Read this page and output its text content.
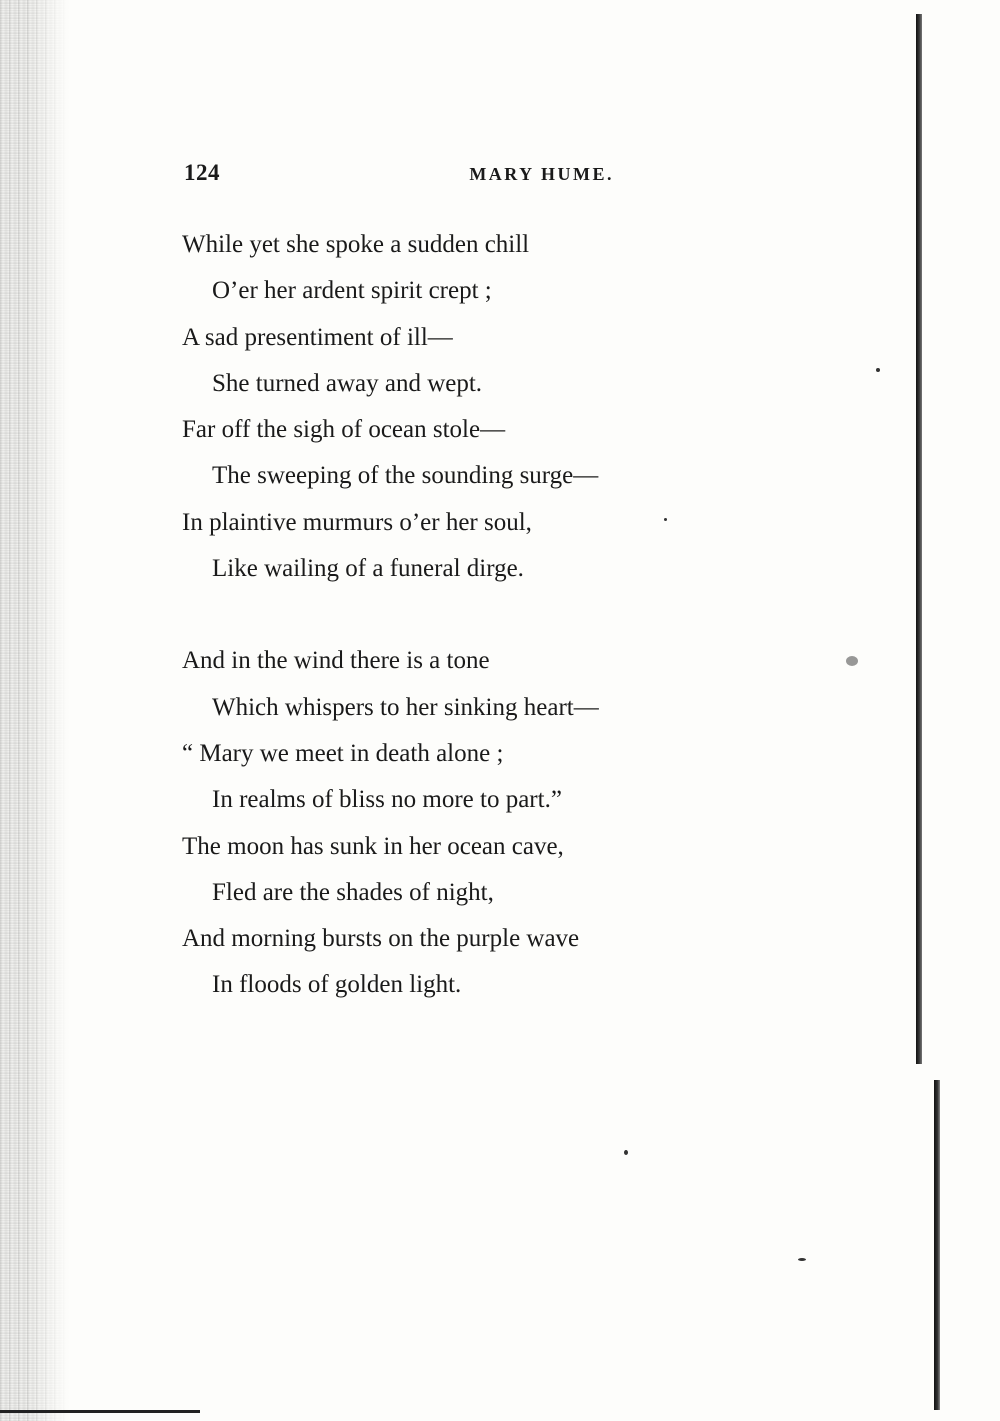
124	MARY HUME.
While yet she spoke a sudden chill
O’er her ardent spirit crept ;
A sad presentiment of ill—
She turned away and wept.
Far off the sigh of ocean stole—
The sweeping of the sounding surge—
In plaintive murmurs o’er her soul,
Like wailing of a funeral dirge.
And in the wind there is a tone
Which whispers to her sinking heart—
“ Mary we meet in death alone ;
In realms of bliss no more to part.”
The moon has sunk in her ocean cave,
Fled are the shades of night,
And morning bursts on the purple wave
In floods of golden light.
